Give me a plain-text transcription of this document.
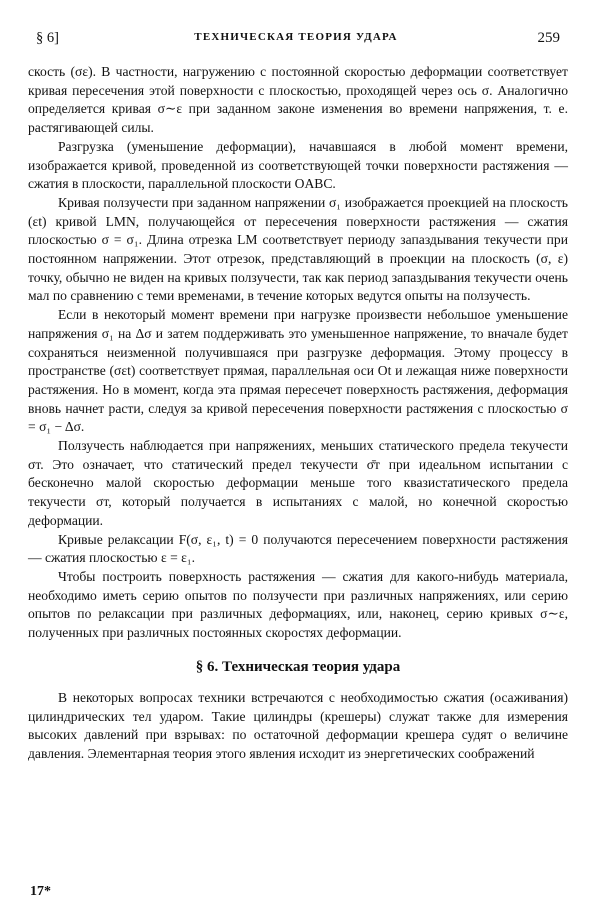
§ 6]	ТЕХНИЧЕСКАЯ ТЕОРИЯ УДАРА	259

скость (σε). В частности, нагружению с постоянной скоростью деформации соответствует кривая пересечения этой поверхности с плоскостью, проходящей через ось σ. Аналогично определяется кривая σ∼ε при заданном законе изменения во времени напряжения, т. е. растягивающей силы.

Разгрузка (уменьшение деформации), начавшаяся в любой момент времени, изображается кривой, проведенной из соответствующей точки поверхности растяжения — сжатия в плоскости, параллельной плоскости OABC.

Кривая ползучести при заданном напряжении σ₁ изображается проекцией на плоскость (εt) кривой LMN, получающейся от пересечения поверхности растяжения — сжатия плоскостью σ = σ₁. Длина отрезка LM соответствует периоду запаздывания текучести при постоянном напряжении. Этот отрезок, представляющий в проекции на плоскость (σ, ε) точку, обычно не виден на кривых ползучести, так как период запаздывания текучести очень мал по сравнению с теми временами, в течение которых ведутся опыты на ползучесть.

Если в некоторый момент времени при нагрузке произвести небольшое уменьшение напряжения σ₁ на Δσ и затем поддерживать это уменьшенное напряжение, то вначале будет сохраняться неизменной получившаяся при разгрузке деформация. Этому процессу в пространстве (σεt) соответствует прямая, параллельная оси Ot и лежащая ниже поверхности растяжения. Но в момент, когда эта прямая пересечет поверхность растяжения, деформация вновь начнет расти, следуя за кривой пересечения поверхности растяжения с плоскостью σ = σ₁ − Δσ.

Ползучесть наблюдается при напряжениях, меньших статического предела текучести σт. Это означает, что статический предел текучести σ̄т при идеальном испытании с бесконечно малой скоростью деформации меньше того квазистатического предела текучести σт, который получается в испытаниях с малой, но конечной скоростью деформации.

Кривые релаксации F(σ, ε₁, t) = 0 получаются пересечением поверхности растяжения — сжатия плоскостью ε = ε₁.

Чтобы построить поверхность растяжения — сжатия для какого-нибудь материала, необходимо иметь серию опытов по ползучести при различных напряжениях, или серию опытов по релаксации при различных деформациях, или, наконец, серию кривых σ∼ε, полученных при различных постоянных скоростях деформации.

§ 6. Техническая теория удара

В некоторых вопросах техники встречаются с необходимостью сжатия (осаживания) цилиндрических тел ударом. Такие цилиндры (крешеры) служат также для измерения высоких давлений при взрывах: по остаточной деформации крешера судят о величине давления. Элементарная теория этого явления исходит из энергетических соображений

17*
